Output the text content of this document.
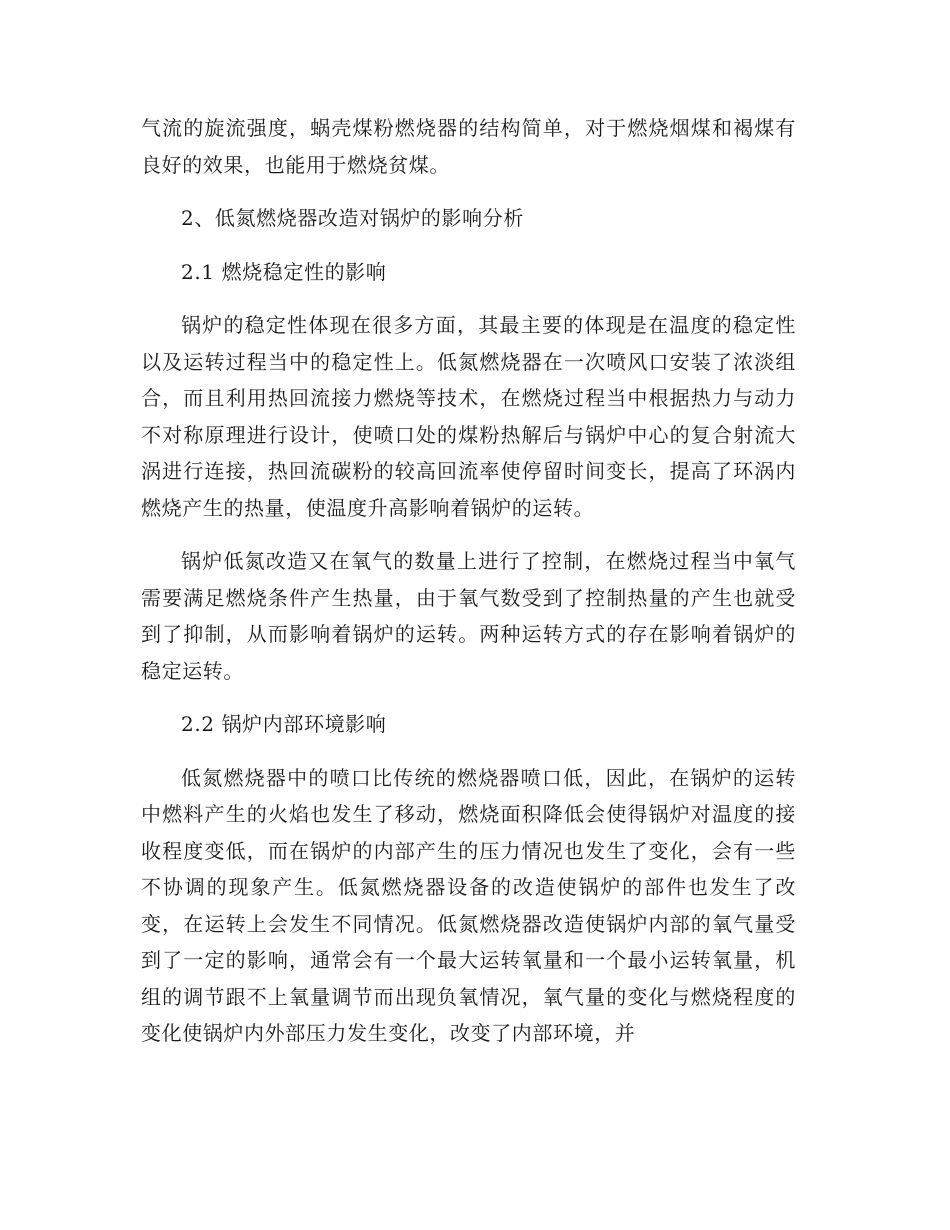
气流的旋流强度，蜗壳煤粉燃烧器的结构简单，对于燃烧烟煤和褐煤有良好的效果，也能用于燃烧贫煤。

2、低氮燃烧器改造对锅炉的影响分析

2.1 燃烧稳定性的影响

锅炉的稳定性体现在很多方面，其最主要的体现是在温度的稳定性以及运转过程当中的稳定性上。低氮燃烧器在一次喷风口安装了浓淡组合，而且利用热回流接力燃烧等技术，在燃烧过程当中根据热力与动力不对称原理进行设计，使喷口处的煤粉热解后与锅炉中心的复合射流大涡进行连接，热回流碳粉的较高回流率使停留时间变长，提高了环涡内燃烧产生的热量，使温度升高影响着锅炉的运转。

锅炉低氮改造又在氧气的数量上进行了控制，在燃烧过程当中氧气需要满足燃烧条件产生热量，由于氧气数受到了控制热量的产生也就受到了抑制，从而影响着锅炉的运转。两种运转方式的存在影响着锅炉的稳定运转。

2.2 锅炉内部环境影响

低氮燃烧器中的喷口比传统的燃烧器喷口低，因此，在锅炉的运转中燃料产生的火焰也发生了移动，燃烧面积降低会使得锅炉对温度的接收程度变低，而在锅炉的内部产生的压力情况也发生了变化，会有一些不协调的现象产生。低氮燃烧器设备的改造使锅炉的部件也发生了改变，在运转上会发生不同情况。低氮燃烧器改造使锅炉内部的氧气量受到了一定的影响，通常会有一个最大运转氧量和一个最小运转氧量，机组的调节跟不上氧量调节而出现负氧情况，氧气量的变化与燃烧程度的变化使锅炉内外部压力发生变化，改变了内部环境，并
